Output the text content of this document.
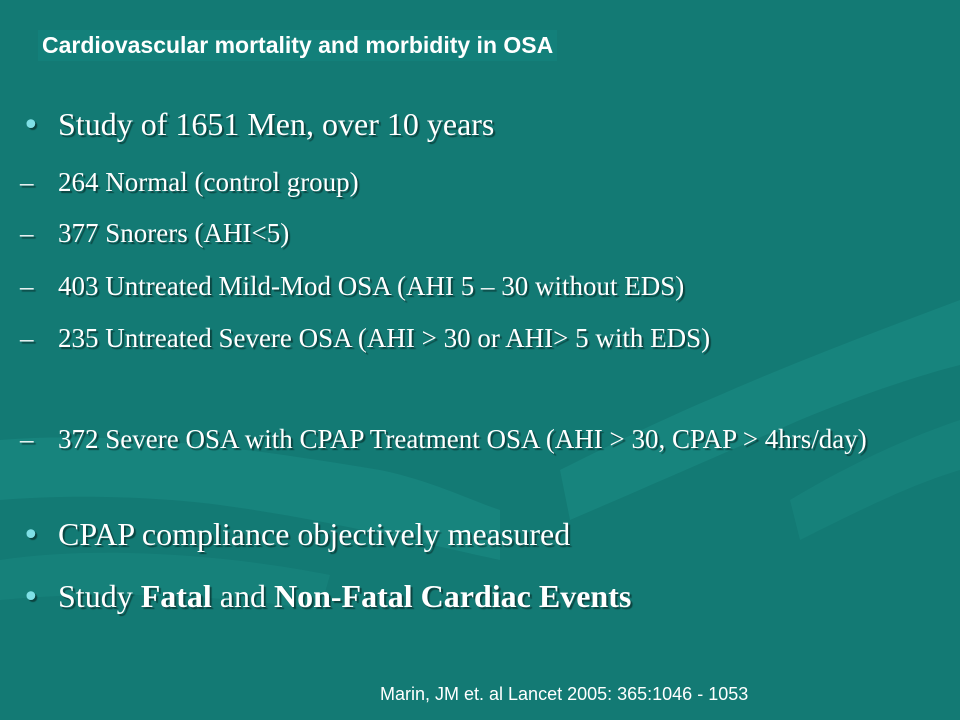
Cardiovascular mortality and morbidity in OSA
• Study of 1651 Men, over 10 years
– 264 Normal (control group)
– 377 Snorers (AHI<5)
– 403 Untreated Mild-Mod OSA (AHI 5 – 30 without EDS)
– 235 Untreated Severe OSA (AHI > 30 or AHI> 5 with EDS)
– 372 Severe OSA with CPAP Treatment OSA (AHI > 30, CPAP > 4hrs/day)
• CPAP compliance objectively measured
• Study Fatal and Non-Fatal Cardiac Events
Marin, JM et. al Lancet 2005: 365:1046 - 1053
